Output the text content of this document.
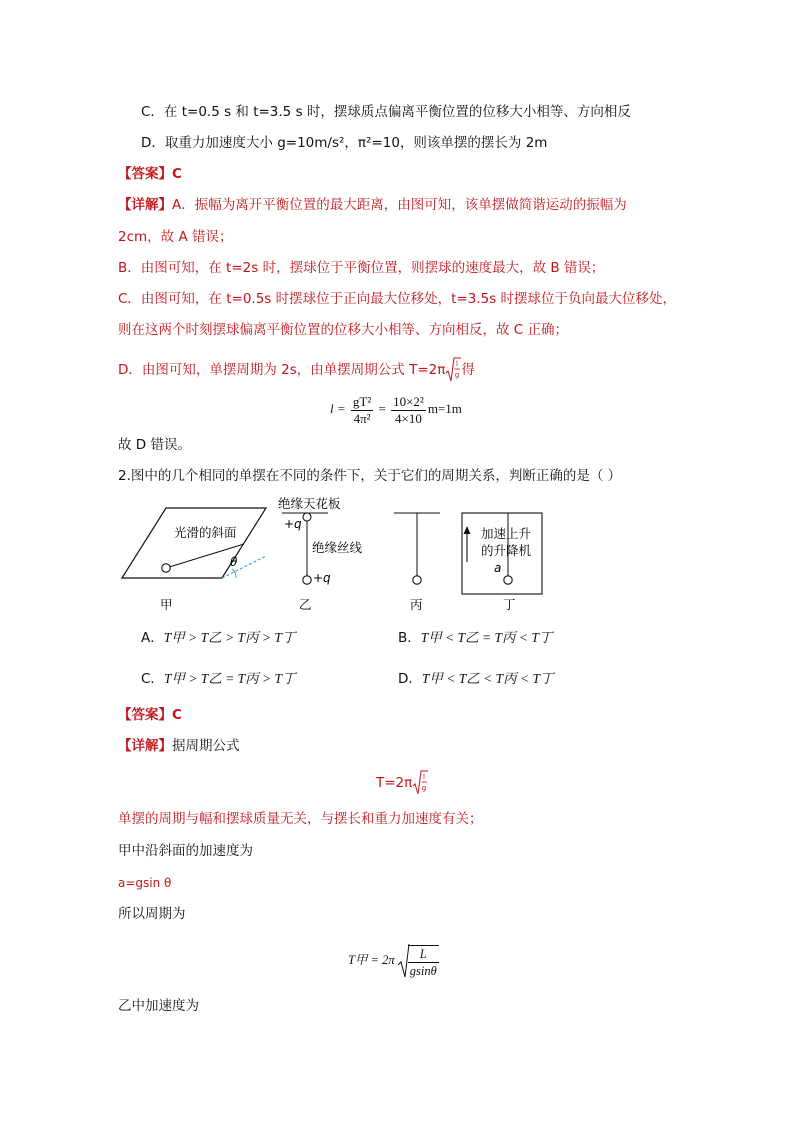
C．在 t=0.5 s 和 t=3.5 s 时，摆球质点偏离平衡位置的位移大小相等、方向相反
D．取重力加速度大小 g=10m/s²，π²=10，则该单摆的摆长为 2m
【答案】C
【详解】A．振幅为离开平衡位置的最大距离，由图可知，该单摆做简谐运动的振幅为
2cm，故 A 错误；
B．由图可知，在 t=2s 时，摆球位于平衡位置，则摆球的速度最大，故 B 错误；
C．由图可知，在 t=0.5s 时摆球位于正向最大位移处，t=3.5s 时摆球位于负向最大位移处，
则在这两个时刻摆球偏离平衡位置的位移大小相等、方向相反，故 C 正确；
D．由图可知，单摆周期为 2s，由单摆周期公式 T=2π l
g 得
$l = \frac{\text{gT²}}{\text{4π²}} = \frac{\text{10×2²}}{4\times 10} m=1m$
故 D 错误。
2.图中的几个相同的单摆在不同的条件下，关于它们的周期关系，判断正确的是（ ）
θ
光滑的斜面
绝缘天花板
+q
+q
绝缘丝线
加速上升
的升降机
a
甲	乙	丙	丁
A．T甲 > T乙 > T丙 > T丁	B．T甲 < T乙 = T丙 < T丁
C．T甲 > T乙 = T丙 > T丁	D．T甲 < T乙 < T丙 < T丁
【答案】C
【详解】据周期公式
T=2π l
g
单摆的周期与幅和摆球质量无关，与摆长和重力加速度有关；
甲中沿斜面的加速度为
a=gsin θ
所以周期为
T甲 = $2\pi \frac{L}{gsin\theta}$
乙中加速度为
